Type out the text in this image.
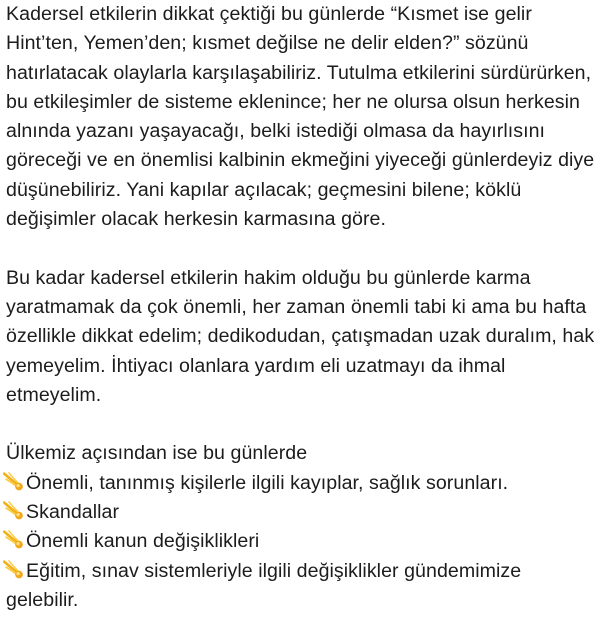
Kadersel etkilerin dikkat çektiği bu günlerde “Kısmet ise gelir Hint’ten, Yemen’den; kısmet değilse ne delir elden?” sözünü hatırlatacak olaylarla karşılaşabiliriz. Tutulma etkilerini sürdürürken, bu etkileşimler de sisteme eklenince; her ne olursa olsun herkesin alnında yazanı yaşayacağı, belki istediği olmasa da hayırlısını göreceği ve en önemlisi kalbinin ekmeğini yiyeceği günlerdeyiz diye düşünebiliriz. Yani kapılar açılacak; geçmesini bilene; köklü değişimler olacak herkesin karmasına göre.

Bu kadar kadersel etkilerin hakim olduğu bu günlerde karma yaratmamak da çok önemli, her zaman önemli tabi ki ama bu hafta özellikle dikkat edelim; dedikodudan, çatışmadan uzak duralım, hak yemeyelim. İhtiyacı olanlara yardım eli uzatmayı da ihmal etmeyelim.

Ülkemiz açısından ise bu günlerde

Önemli, tanınmış kişilerle ilgili kayıplar, sağlık sorunları.
Skandallar
Önemli kanun değişiklikleri
Eğitim, sınav sistemleriyle ilgili değişiklikler gündemimize gelebilir.
